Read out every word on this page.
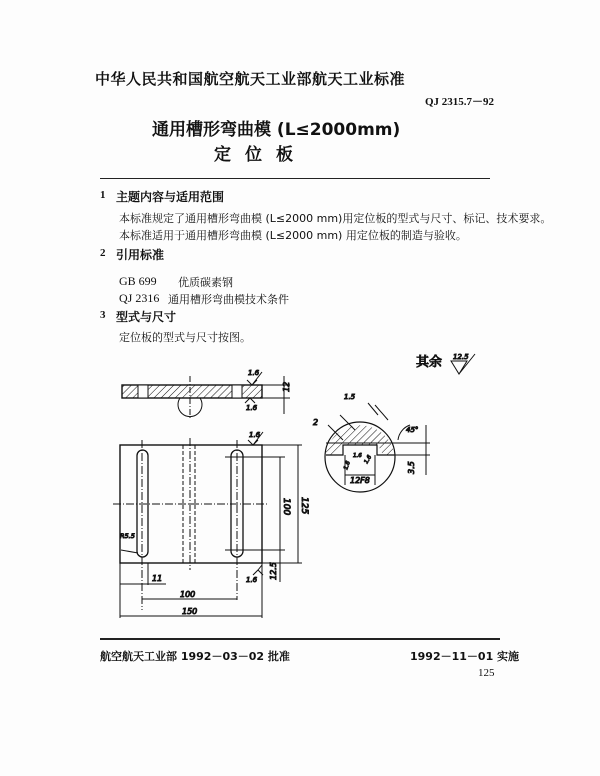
中华人民共和国航空航天工业部航天工业标准
QJ 2315.7－92
通用槽形弯曲模 (L≤2000mm)
定位板
1 主题内容与适用范围
本标准规定了通用槽形弯曲模 (L≤2000 mm)用定位板的型式与尺寸、标记、技术要求。
本标准适用于通用槽形弯曲模 (L≤2000 mm) 用定位板的制造与验收。
2 引用标准
GB 699 优质碳素钢
QJ 2316 通用槽形弯曲模技术条件
3 型式与尺寸
定位板的型式与尺寸按图。
其余 12.5
1.6
1.6
12
1.6
1.6
100 125
12.5
11
100
150
R5.5
1.5
2
45°
3.5
12F8
1.6
1.6
1.6
航空航天工业部 1992－03－02 批准	1992－11－01 实施
125
